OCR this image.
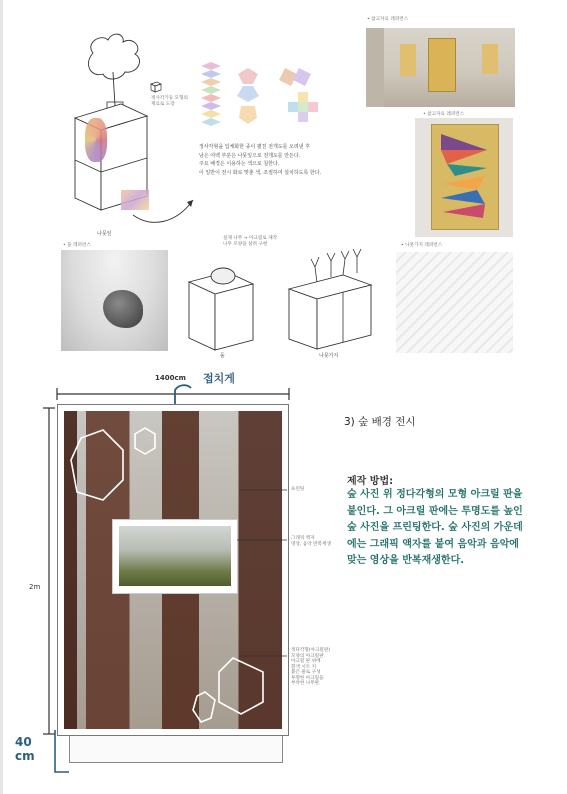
정사각기둥 모형의
재료로 도장
나뭇잎
정사각형을 입체화한 종이 펼친 전개도를 오려낸 후
남은 여백 부분은 나뭇잎으로 전개도를 만든다.
주요 배경은 이용하는 색으로 칠한다.
이 일반이 전시 화로 맞춘 색, 조절하여 설치하도록 한다.
• 참고자료 레퍼런스
• 참고자료 레퍼런스
• 돌 레퍼런스
실제 나무 → 아크릴로 제작
나무 모양을 살려 구현
돌	나뭇가지
• 나뭇가지 레퍼런스
1400cm 접치게
2m
40
cm
프린팅
그래픽 액자
영상, 음악 반복재생
정다각형(아크릴판)
모양의 아크릴판.
아크릴 판 위에
흰색 시트 지
붙은 줄로 구성
투명한 아크릴을
부착한 나무판.
3) 숲 배경 전시
제작 방법:
숲 사진 위 정다각형의 모형 아크릴 판을 붙인다. 그 아크릴 판에는 투명도를 높인 숲 사진을 프린팅한다. 숲 사진의 가운데에는 그래픽 액자를 붙여 음악과 음악에 맞는 영상을 반복재생한다.
